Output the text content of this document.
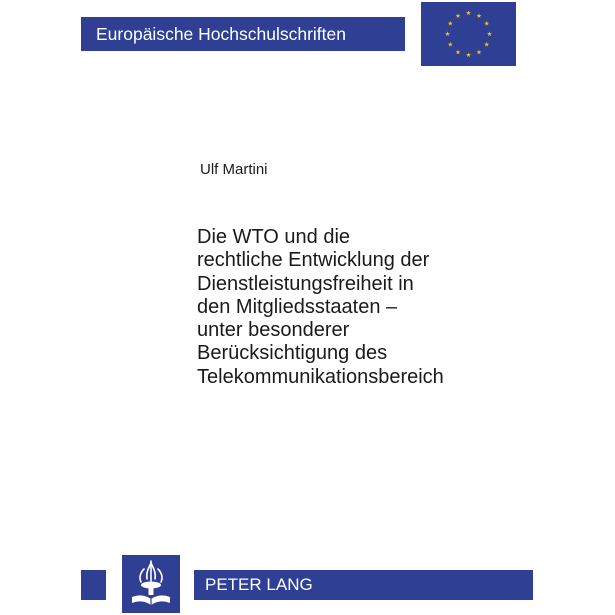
Europäische Hochschulschriften
Ulf Martini
Die WTO und die
rechtliche Entwicklung der
Dienstleistungsfreiheit in
den Mitgliedsstaaten –
unter besonderer
Berücksichtigung des
Telekommunikationsbereich
PETER LANG
